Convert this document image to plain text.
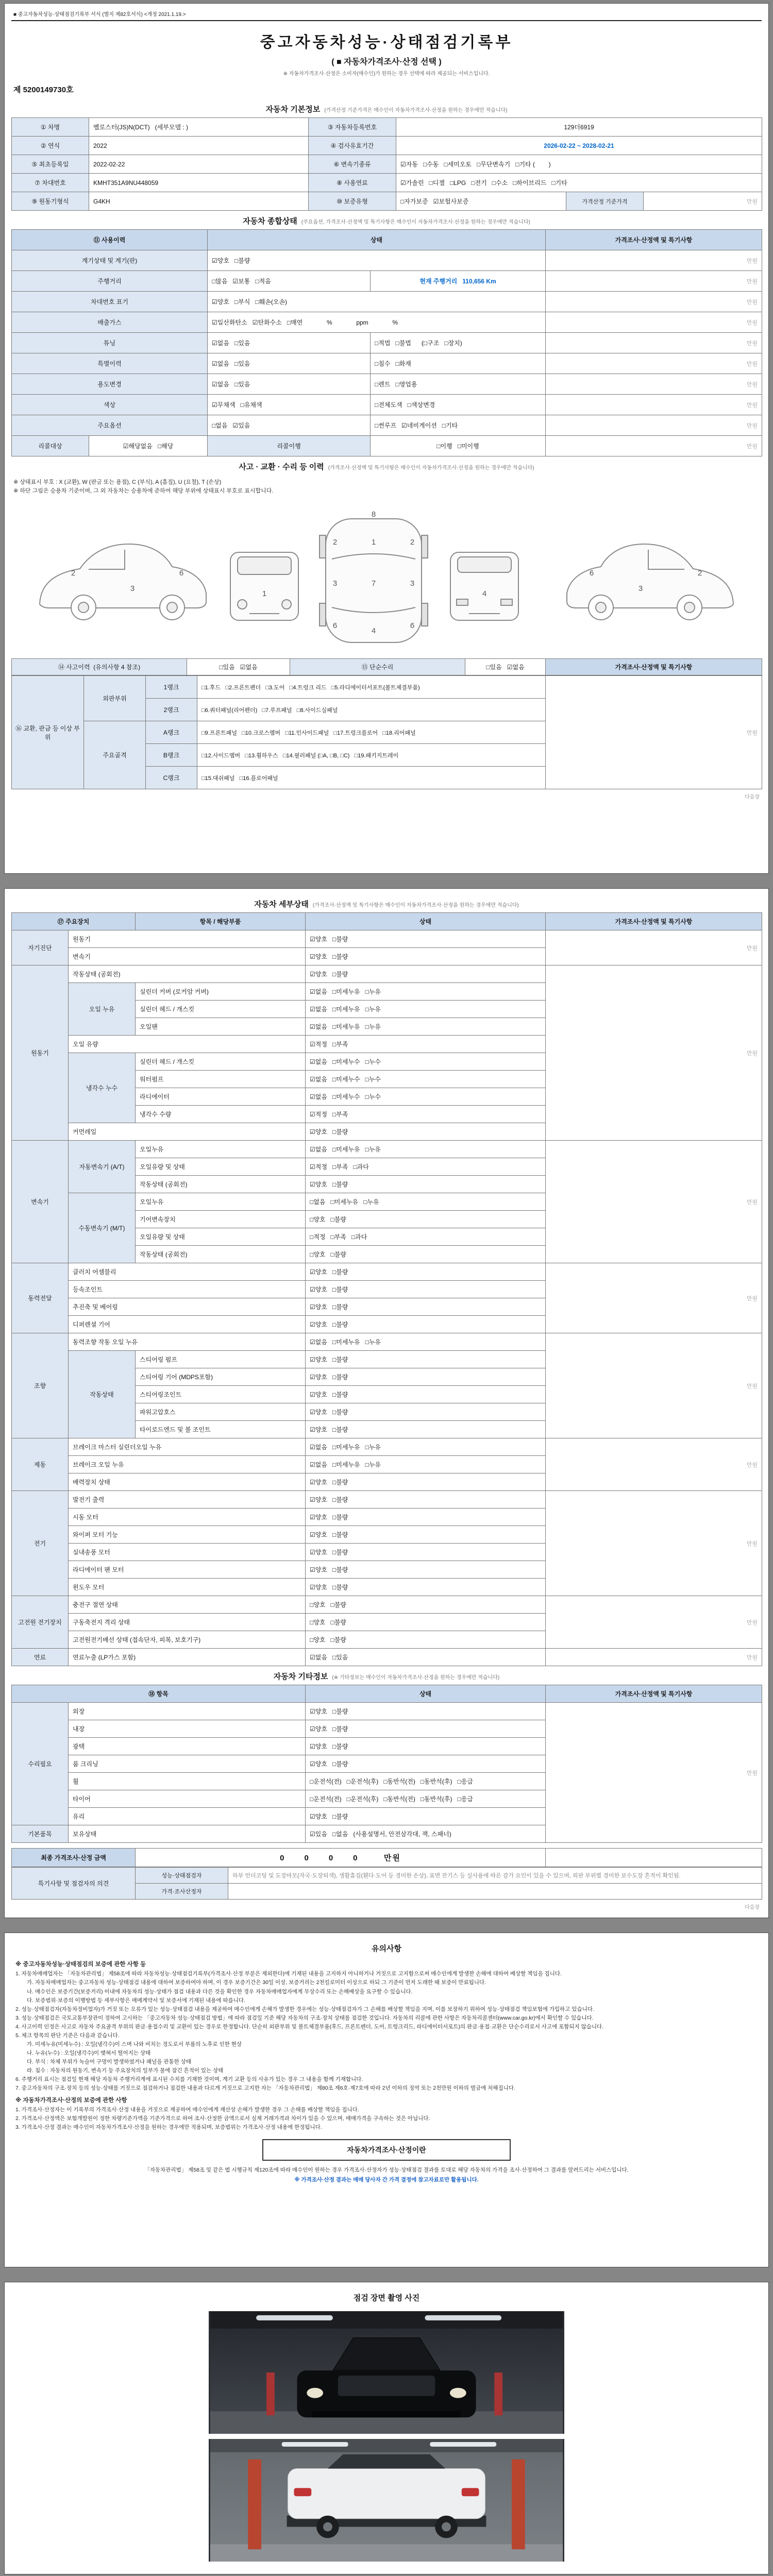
■ 중고자동차성능·상태점검기록부 서식 (별지 제82호서식) <개정 2021.1.19.>
중고자동차성능·상태점검기록부
( ■ 자동차가격조사·산정 선택 )
※ 자동차가격조사·산정은 소비자(매수인)가 원하는 경우 선택에 따라 제공되는 서비스입니다.
제 5200149730호
자동차 기본정보 (가격산정 기준가격은 매수인이 자동차가격조사·산정을 원하는 경우에만 적습니다)
① 차명	벨로스터(JS)N(DCT)   (세부모델 : )	③ 자동차등록번호	129더6919		
② 연식	2022	④ 검사유효기간	2026-02-22 ~ 2028-02-21		
⑤ 최초등록일	2022-02-22	⑥ 변속기종류	☑자동   □수동   □세미오토   □무단변속기   □기타 (        )		
⑦ 차대번호	KMHT351A9NU448059	⑧ 사용연료	☑가솔린   □디젤   □LPG   □전기   □수소   □하이브리드   □기타		
⑨ 원동기형식	G4KH	⑩ 보증유형	□자가보증   ☑보험사보증	가격산정 기준가격	만원
자동차 종합상태 (주요옵션, 가격조사·산정액 및 특기사항은 매수인이 자동차가격조사·산정을 원하는 경우에만 적습니다)
⑪ 사용이력		상태		가격조사·산정액 및 특기사항
계기상태 및 계기(판)		☑양호   □불량		만원
주행거리		□많음   ☑보통   □적음	현재 주행거리   110,656 Km	만원
차대번호 표기		☑양호   □부식   □훼손(오손)		만원
배출가스		☑일산화탄소   ☑탄화수소   □매연              %              ppm              %		만원
튜닝		☑없음   □있음	□적법   □불법      (□구조   □장치)	만원
특별이력		☑없음   □있음	□침수   □화재	만원
용도변경		☑없음   □있음	□렌트   □영업용	만원
색상		☑무채색   □유채색	□전체도색   □색상변경	만원
주요옵션		□없음   ☑있음	□썬루프   ☑네비게이션   □기타	만원
리콜대상	☑해당없음   □해당	리콜이행	□이행   □미이행	만원
사고 · 교환 · 수리 등 이력 (가격조사·산정액 및 특기사항은 매수인이 자동차가격조사·산정을 원하는 경우에만 적습니다)
※ 상태표시 부호 : X (교환), W (판금 또는 용접), C (부식), A (흠집), U (요철), T (손상)
※ 하단 그림은 승용차 기준이며, 그 외 자동차는 승용차에 준하여 해당 부위에 상태표시 부호로 표시합니다.
3
2	6
1
1
7
4
2	2
3	3
6	6
8
4
3
2
6
⑭ 사고이력  (유의사항 4 참조)	□있음   ☑없음	⑮ 단순수리	□있음   ☑없음	가격조사·산정액 및 특기사항
⑯ 교환, 판금 등 이상 부위	외판부위	1랭크	□1.후드   □2.프론트펜더   □3.도어   □4.트렁크 리드   □5.라디에이터서포트(볼트체결부품)	만원
		2랭크	□6.쿼터패널(리어펜더)   □7.루프패널   □8.사이드실패널	
	주요골격	A랭크	□9.프론트패널   □10.크로스멤버   □11.인사이드패널   □17.트렁크플로어   □18.리어패널	
		B랭크	□12.사이드멤버   □13.휠하우스   □14.필러패널 (□A, □B, □C)   □19.패키지트레이	
		C랭크	□15.대쉬패널   □16.플로어패널	
다음장
자동차 세부상태 (가격조사·산정액 및 특기사항은 매수인이 자동차가격조사·산정을 원하는 경우에만 적습니다)
⑰ 주요장치		항목 / 해당부품	상태	가격조사·산정액 및 특기사항
자기진단	원동기		☑양호   □불량	만원
	변속기		☑양호   □불량	
원동기	작동상태 (공회전)		☑양호   □불량	만원
	오일 누유	실린더 커버 (로커암 커버)	☑없음   □미세누유   □누유	
		실린더 헤드 / 개스킷	☑없음   □미세누유   □누유	
		오일팬	☑없음   □미세누유   □누유	
	오일 유량		☑적정   □부족	
	냉각수 누수	실린더 헤드 / 개스킷	☑없음   □미세누수   □누수	
		워터펌프	☑없음   □미세누수   □누수	
		라디에이터	☑없음   □미세누수   □누수	
		냉각수 수량	☑적정   □부족	
	커먼레일		☑양호   □불량	
변속기	자동변속기 (A/T)	오일누유	☑없음   □미세누유   □누유	만원
		오일유량 및 상태	☑적정   □부족   □과다	
		작동상태 (공회전)	☑양호   □불량	
	수동변속기 (M/T)	오일누유	□없음   □미세누유   □누유	
		기어변속장치	□양호   □불량	
		오일유량 및 상태	□적정   □부족   □과다	
		작동상태 (공회전)	□양호   □불량	
동력전달	클러치 어셈블리		☑양호   □불량	만원
	등속조인트		☑양호   □불량	
	추진축 및 베어링		☑양호   □불량	
	디퍼렌셜 기어		☑양호   □불량	
조향	동력조향 작동 오일 누유		☑없음   □미세누유   □누유	만원
	작동상태	스티어링 펌프	☑양호   □불량	
		스티어링 기어 (MDPS포함)	☑양호   □불량	
		스티어링조인트	☑양호   □불량	
		파워고압호스	☑양호   □불량	
		타이로드엔드 및 볼 조인트	☑양호   □불량	
제동	브레이크 마스터 실린더오일 누유		☑없음   □미세누유   □누유	만원
	브레이크 오일 누유		☑없음   □미세누유   □누유	
	배력장치 상태		☑양호   □불량	
전기	발전기 출력		☑양호   □불량	만원
	시동 모터		☑양호   □불량	
	와이퍼 모터 기능		☑양호   □불량	
	실내송풍 모터		☑양호   □불량	
	라디에이터 팬 모터		☑양호   □불량	
	윈도우 모터		☑양호   □불량	
고전원 전기장치	충전구 절연 상태		□양호   □불량	만원
	구동축전지 격리 상태		□양호   □불량	
	고전원전기배선 상태 (접속단자, 피복, 보호기구)		□양호   □불량	
연료	연료누출 (LP가스 포함)		☑없음   □있음	만원
자동차 기타정보 (※ 기타정보는 매수인이 자동차가격조사·산정을 원하는 경우에만 적습니다)
⑱ 항목		상태	가격조사·산정액 및 특기사항
수리필요	외장	☑양호   □불량	만원
	내장	☑양호   □불량	
	광택	☑양호   □불량	
	룸 크리닝	☑양호   □불량	
	휠	□운전석(전)   □운전석(후)   □동반석(전)   □동반석(후)   □응급	
	타이어	□운전석(전)   □운전석(후)   □동반석(전)   □동반석(후)   □응급	
	유리	☑양호   □불량	
기본품목	보유상태	☑있음   □없음   (사용설명서, 안전삼각대, 잭, 스패너)	
최종 가격조사·산정 금액	0      0      0      0        만원	
특기사항 및 점검자의 의견	성능·상태점검자	하부 언더코팅 및 도장마모(자국·도장퇴색), 생활흠집(휀다·도어 등 경미한 손상), 표면 잔기스 등 실사용에 따른 감가 요인이 있을 수 있으며, 외판 부위별 경미한 보수도장 흔적이 확인됨.
	가격·조사산정자	
다음장
유의사항
※ 중고자동차성능·상태점검의 보증에 관한 사항 등
1. 자동차매매업자는 「자동차관리법」 제58조에 따라 자동차성능·상태점검기록부(가격조사·산정 부분은 제외한다)에 기재된 내용을 고지하지 아니하거나 거짓으로 고지함으로써 매수인에게 발생한 손해에 대하여 배상할 책임을 집니다.
가. 자동차매매업자는 중고자동차 성능·상태점검 내용에 대하여 보증하여야 하며, 이 경우 보증기간은 30일 이상, 보증거리는 2천킬로미터 이상으로 하되 그 기준이 먼저 도래한 때 보증이 만료됩니다.
나. 매수인은 보증기간(보증거리) 이내에 자동차의 성능·상태가 점검 내용과 다른 것을 확인한 경우 자동차매매업자에게 무상수리 또는 손해배상을 요구할 수 있습니다.
다. 보증범위·보증의 이행방법 등 세부사항은 매매계약서 및 보증서에 기재된 내용에 따릅니다.
2. 성능·상태점검자(자동차정비업자)가 거짓 또는 오류가 있는 성능·상태점검 내용을 제공하여 매수인에게 손해가 발생한 경우에는 성능·상태점검자가 그 손해를 배상할 책임을 지며, 이를 보장하기 위하여 성능·상태점검 책임보험에 가입하고 있습니다.
3. 성능·상태점검은 국토교통부장관이 정하여 고시하는 「중고자동차 성능·상태점검 방법」에 따라 점검일 기준 해당 자동차의 구조·장치 상태를 점검한 것입니다. 자동차의 리콜에 관한 사항은 자동차리콜센터(www.car.go.kr)에서 확인할 수 있습니다.
4. 사고이력 인정은 사고로 자동차 주요골격 부위의 판금·용접수리 및 교환이 있는 경우로 한정합니다. 단순히 외판부위 및 볼트체결부품(후드, 프론트펜더, 도어, 트렁크리드, 라디에이터서포트)의 판금·용접·교환은 단순수리로서 사고에 포함되지 않습니다.
5. 체크 항목의 판단 기준은 다음과 같습니다.
가. 미세누유(미세누수) : 오일(냉각수)이 스며 나와 비치는 정도로서 부품의 노후로 인한 현상
나. 누유(누수) : 오일(냉각수)이 맺혀서 떨어지는 상태
다. 부식 : 차체 부위가 녹슬어 구멍이 발생하였거나 패널을 관통한 상태
라. 침수 : 자동차의 원동기, 변속기 등 주요장치의 일부가 물에 잠긴 흔적이 있는 상태
6. 주행거리 표시는 점검일 현재 해당 자동차 주행거리계에 표시된 수치를 기재한 것이며, 계기 교환 등의 사유가 있는 경우 그 내용을 함께 기재합니다.
7. 중고자동차의 구조·장치 등의 성능·상태를 거짓으로 점검하거나 점검한 내용과 다르게 거짓으로 고지한 자는 「자동차관리법」 제80조 제6호·제7호에 따라 2년 이하의 징역 또는 2천만원 이하의 벌금에 처해집니다.
※ 자동차가격조사·산정의 보증에 관한 사항
1. 가격조사·산정자는 이 기록부의 가격조사·산정 내용을 거짓으로 제공하여 매수인에게 재산상 손해가 발생한 경우 그 손해를 배상할 책임을 집니다.
2. 가격조사·산정액은 보험개발원이 정한 차량기준가액을 기준가격으로 하여 조사·산정한 금액으로서 실제 거래가격과 차이가 있을 수 있으며, 매매가격을 구속하는 것은 아닙니다.
3. 가격조사·산정 결과는 매수인이 자동차가격조사·산정을 원하는 경우에만 적용되며, 보증범위는 가격조사·산정 내용에 한정됩니다.
자동차가격조사·산정이란
「자동차관리법」 제58조 및 같은 법 시행규칙 제120조에 따라 매수인이 원하는 경우 가격조사·산정자가 성능·상태점검 결과를 토대로 해당 자동차의 가격을 조사·산정하여 그 결과를 알려드리는 서비스입니다.
※ 가격조사·산정 결과는 매매 당사자 간 가격 결정에 참고자료로만 활용됩니다.
점검 장면 촬영 사진
